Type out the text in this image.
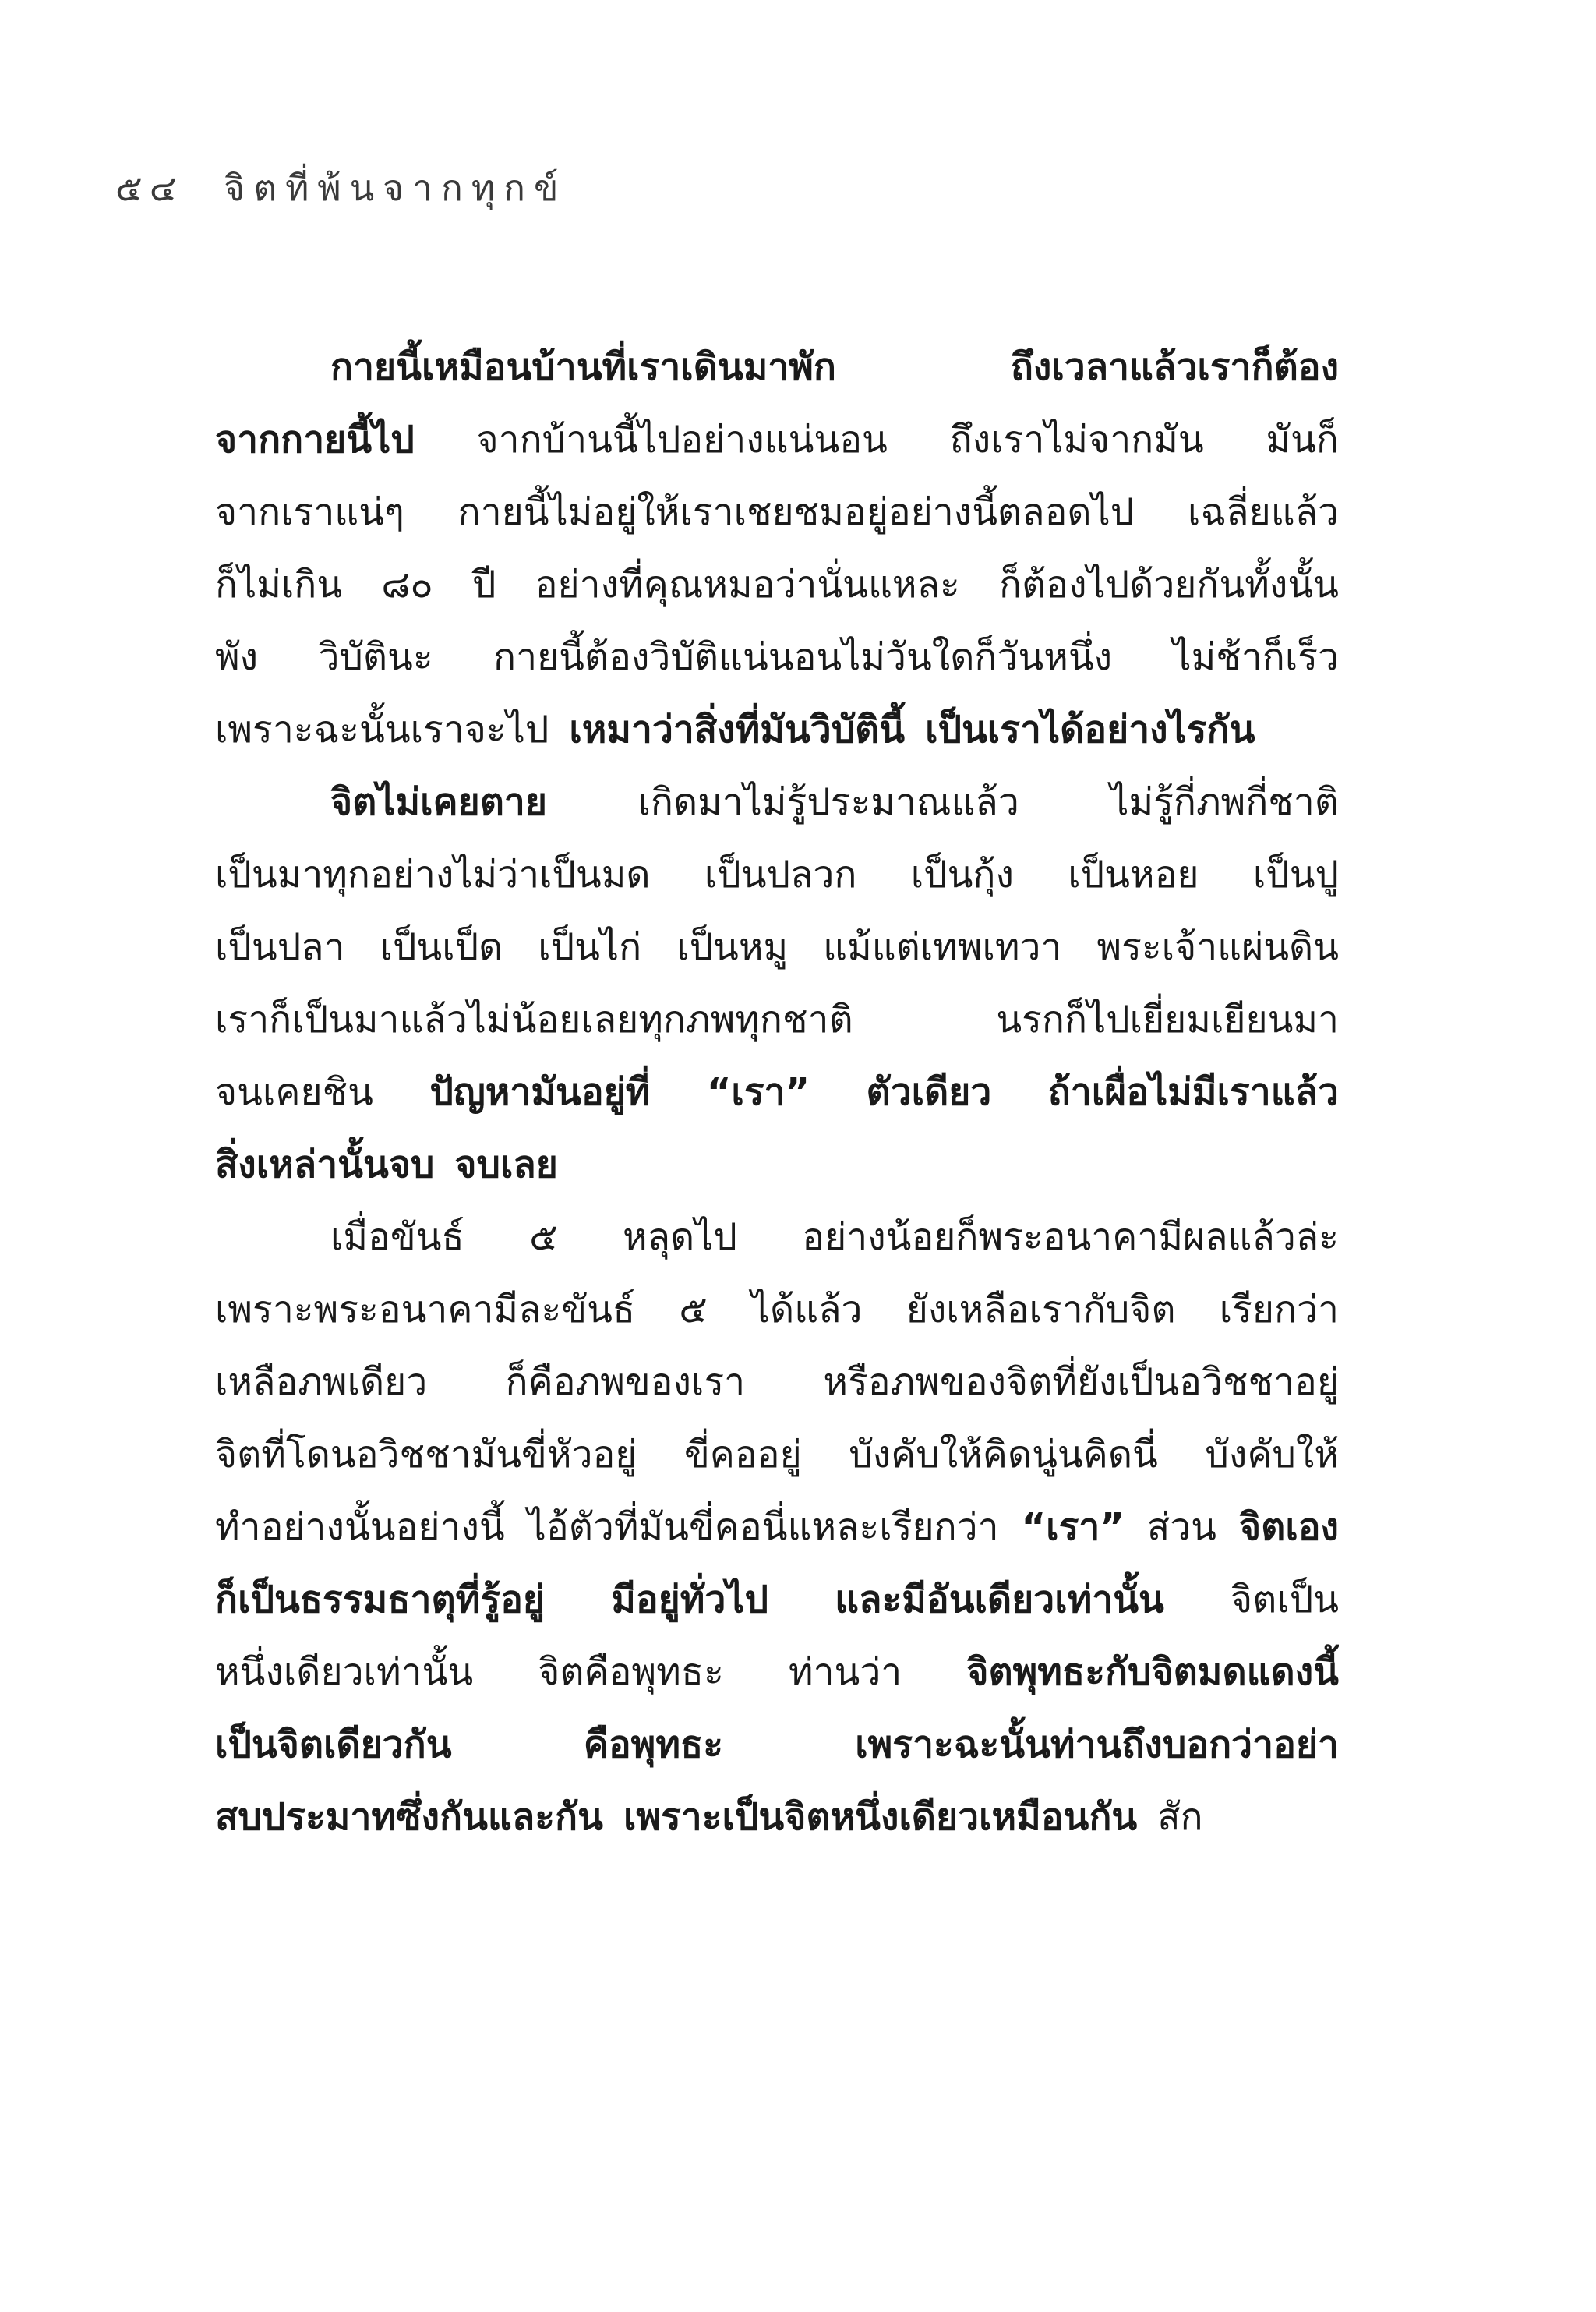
๕๔ จิตที่พ้นจากทุกข์
กายนี้เหมือนบ้านที่เราเดินมาพัก	ถึงเวลาแล้วเราก็ต้อง
จากกายนี้ไป จากบ้านนี้ไปอย่างแน่นอน ถึงเราไม่จากมัน มันก็
จากเราแน่ๆ กายนี้ไม่อยู่ให้เราเชยชมอยู่อย่างนี้ตลอดไป เฉลี่ยแล้ว
ก็ไม่เกิน ๘๐ ปี อย่างที่คุณหมอว่านั่นแหละ ก็ต้องไปด้วยกันทั้งนั้น
พัง วิบัตินะ กายนี้ต้องวิบัติแน่นอนไม่วันใดก็วันหนึ่ง ไม่ช้าก็เร็ว
เพราะฉะนั้นเราจะไป เหมาว่าสิ่งที่มันวิบัตินี้ เป็นเราได้อย่างไรกัน
จิตไม่เคยตาย เกิดมาไม่รู้ประมาณแล้ว ไม่รู้กี่ภพกี่ชาติ
เป็นมาทุกอย่างไม่ว่าเป็นมด เป็นปลวก เป็นกุ้ง เป็นหอย เป็นปู
เป็นปลา เป็นเป็ด เป็นไก่ เป็นหมู แม้แต่เทพเทวา พระเจ้าแผ่นดิน
เราก็เป็นมาแล้วไม่น้อยเลยทุกภพทุกชาติ	นรกก็ไปเยี่ยมเยียนมา
จนเคยชิน ปัญหามันอยู่ที่ “เรา” ตัวเดียว ถ้าเผื่อไม่มีเราแล้ว
สิ่งเหล่านั้นจบ จบเลย
เมื่อขันธ์ ๕ หลุดไป อย่างน้อยก็พระอนาคามีผลแล้วล่ะ
เพราะพระอนาคามีละขันธ์ ๕ ได้แล้ว ยังเหลือเรากับจิต เรียกว่า
เหลือภพเดียว ก็คือภพของเรา หรือภพของจิตที่ยังเป็นอวิชชาอยู่
จิตที่โดนอวิชชามันขี่หัวอยู่ ขี่คออยู่ บังคับให้คิดนู่นคิดนี่ บังคับให้
ทำอย่างนั้นอย่างนี้ ไอ้ตัวที่มันขี่คอนี่แหละเรียกว่า “เรา” ส่วน จิตเอง
ก็เป็นธรรมธาตุที่รู้อยู่ มีอยู่ทั่วไป และมีอันเดียวเท่านั้น จิตเป็น
หนึ่งเดียวเท่านั้น จิตคือพุทธะ ท่านว่า จิตพุทธะกับจิตมดแดงนี้
เป็นจิตเดียวกัน	คือพุทธะ	เพราะฉะนั้นท่านถึงบอกว่าอย่า
สบประมาทซึ่งกันและกัน เพราะเป็นจิตหนึ่งเดียวเหมือนกัน สัก
